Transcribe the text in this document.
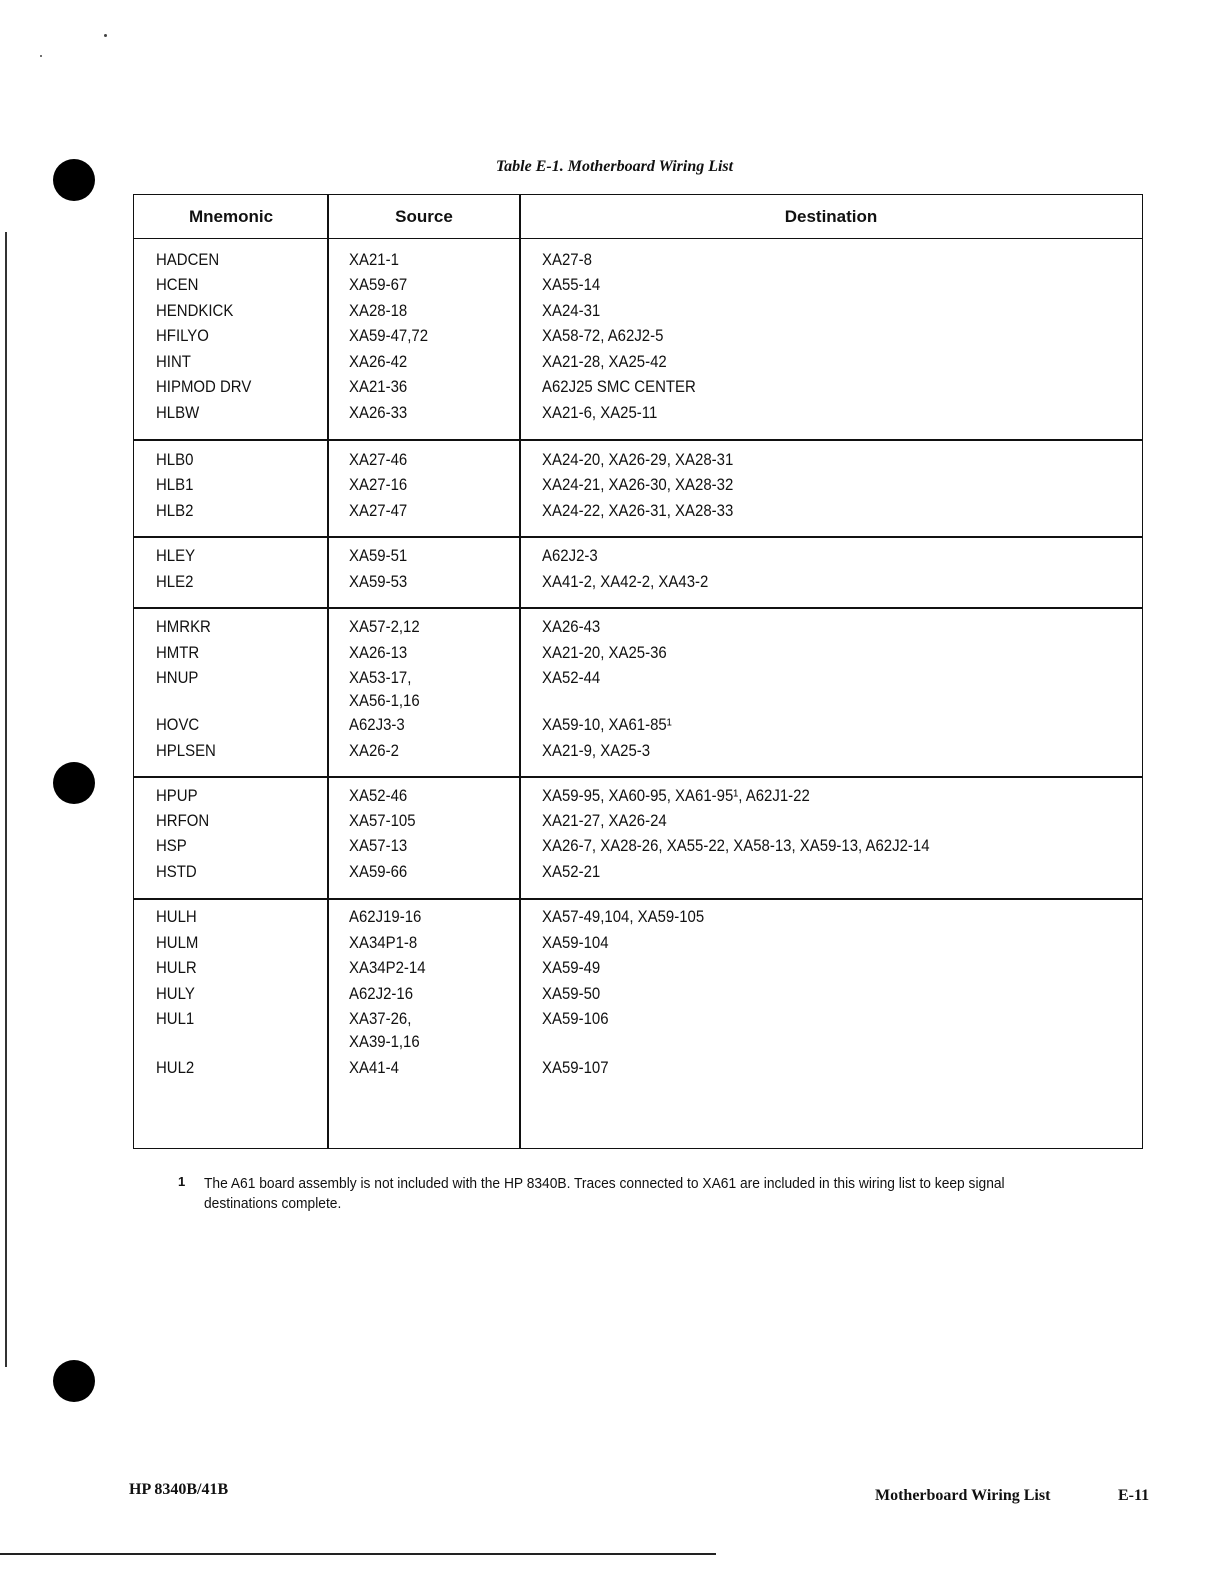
Table E-1. Motherboard Wiring List
Mnemonic	Source	Destination
HADCEN	XA21-1	XA27-8
HCEN	XA59-67	XA55-14
HENDKICK	XA28-18	XA24-31
HFILYO	XA59-47,72	XA58-72, A62J2-5
HINT	XA26-42	XA21-28, XA25-42
HIPMOD DRV	XA21-36	A62J25 SMC CENTER
HLBW	XA26-33	XA21-6, XA25-11
HLB0	XA27-46	XA24-20, XA26-29, XA28-31
HLB1	XA27-16	XA24-21, XA26-30, XA28-32
HLB2	XA27-47	XA24-22, XA26-31, XA28-33
HLEY	XA59-51	A62J2-3
HLE2	XA59-53	XA41-2, XA42-2, XA43-2
HMRKR	XA57-2,12	XA26-43
HMTR	XA26-13	XA21-20, XA25-36
HNUP	XA53-17,	XA52-44
XA56-1,16
HOVC	A62J3-3	XA59-10, XA61-85¹
HPLSEN	XA26-2	XA21-9, XA25-3
HPUP	XA52-46	XA59-95, XA60-95, XA61-95¹, A62J1-22
HRFON	XA57-105	XA21-27, XA26-24
HSP	XA57-13	XA26-7, XA28-26, XA55-22, XA58-13, XA59-13, A62J2-14
HSTD	XA59-66	XA52-21
HULH	A62J19-16	XA57-49,104, XA59-105
HULM	XA34P1-8	XA59-104
HULR	XA34P2-14	XA59-49
HULY	A62J2-16	XA59-50
HUL1	XA37-26,	XA59-106
XA39-1,16
HUL2	XA41-4	XA59-107
1 The A61 board assembly is not included with the HP 8340B. Traces connected to XA61 are included in this wiring list to keep signal destinations complete.
HP 8340B/41B	Motherboard Wiring List	E-11
